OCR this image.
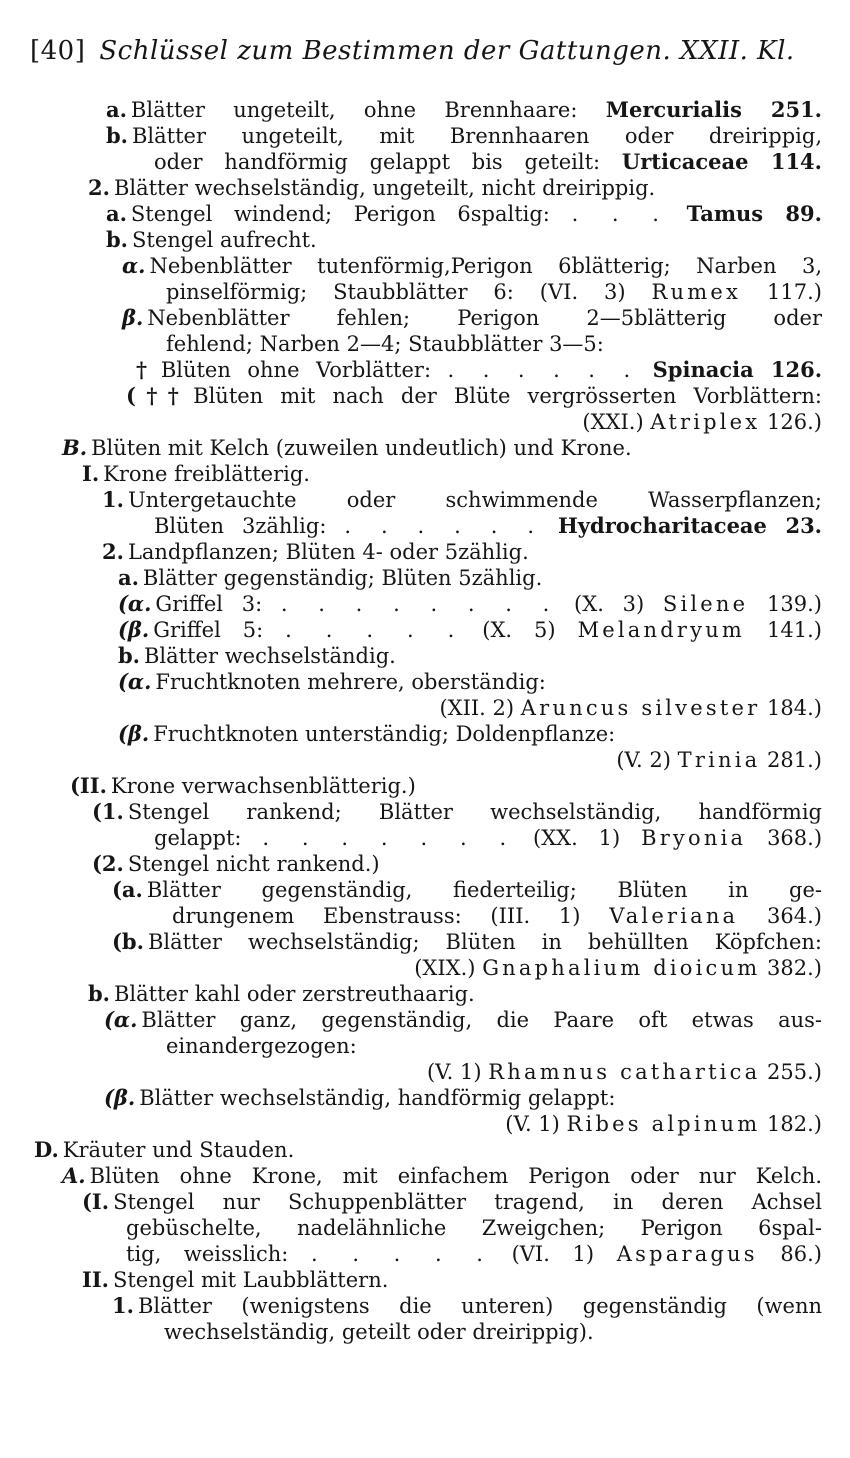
[40] Schlüssel zum Bestimmen der Gattungen. XXII. Kl.
a. Blätter ungeteilt, ohne Brennhaare: Mercurialis 251.
b. Blätter ungeteilt, mit Brennhaaren oder dreirippig,
oder handförmig gelappt bis geteilt: Urticaceae 114.
2. Blätter wechselständig, ungeteilt, nicht dreirippig.
a. Stengel windend; Perigon 6spaltig: . . . Tamus 89.
b. Stengel aufrecht.
α. Nebenblätter tutenförmig,Perigon 6blätterig; Narben 3,
pinselförmig; Staubblätter 6: (VI. 3) Rumex 117.)
β. Nebenblätter fehlen; Perigon 2—5blätterig oder
fehlend; Narben 2—4; Staubblätter 3—5:
† Blüten ohne Vorblätter: . . . . . . Spinacia 126.
(†† Blüten mit nach der Blüte vergrösserten Vorblättern:
(XXI.) Atriplex 126.)
B. Blüten mit Kelch (zuweilen undeutlich) und Krone.
I. Krone freiblätterig.
1. Untergetauchte oder schwimmende Wasserpflanzen;
Blüten 3zählig: . . . . . . Hydrocharitaceae 23.
2. Landpflanzen; Blüten 4- oder 5zählig.
a. Blätter gegenständig; Blüten 5zählig.
(α. Griffel 3: . . . . . . . . (X. 3) Silene 139.)
(β. Griffel 5: . . . . . (X. 5) Melandryum 141.)
b. Blätter wechselständig.
(α. Fruchtknoten mehrere, oberständig:
(XII. 2) Aruncus silvester 184.)
(β. Fruchtknoten unterständig; Doldenpflanze:
(V. 2) Trinia 281.)
(II. Krone verwachsenblätterig.)
(1. Stengel rankend; Blätter wechselständig, handförmig
gelappt: . . . . . . . (XX. 1) Bryonia 368.)
(2. Stengel nicht rankend.)
(a. Blätter gegenständig, fiederteilig; Blüten in ge-
drungenem Ebenstrauss: (III. 1) Valeriana 364.)
(b. Blätter wechselständig; Blüten in behüllten Köpfchen:
(XIX.) Gnaphalium dioicum 382.)
b. Blätter kahl oder zerstreuthaarig.
(α. Blätter ganz, gegenständig, die Paare oft etwas aus-
einandergezogen:
(V. 1) Rhamnus cathartica 255.)
(β. Blätter wechselständig, handförmig gelappt:
(V. 1) Ribes alpinum 182.)
D. Kräuter und Stauden.
A. Blüten ohne Krone, mit einfachem Perigon oder nur Kelch.
(I. Stengel nur Schuppenblätter tragend, in deren Achsel
gebüschelte, nadelähnliche Zweigchen; Perigon 6spal-
tig, weisslich: . . . . . (VI. 1) Asparagus 86.)
II. Stengel mit Laubblättern.
1. Blätter (wenigstens die unteren) gegenständig (wenn
wechselständig, geteilt oder dreirippig).
